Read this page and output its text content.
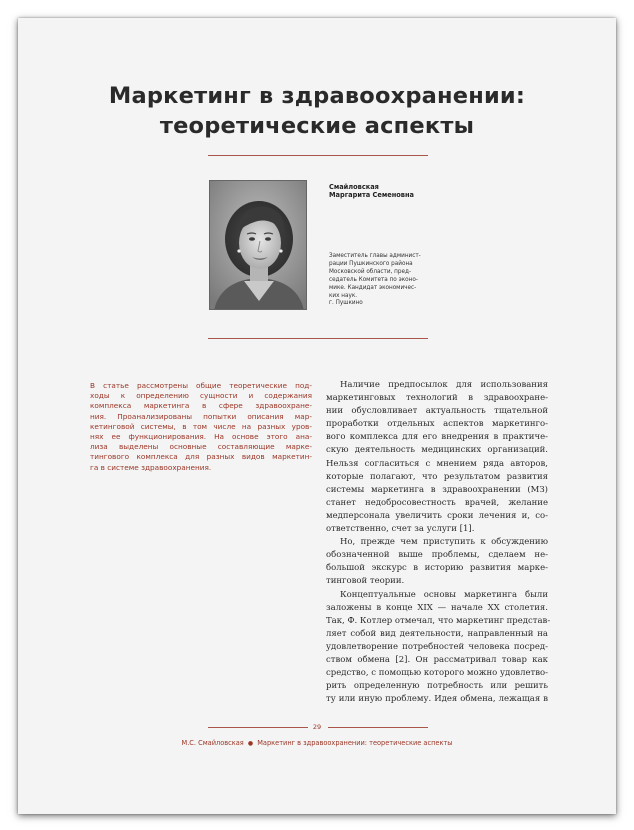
Маркетинг в здравоохранении:
теоретические аспекты
Смайловская
Маргарита Семеновна
Заместитель главы админист-
рации Пушкинского района
Московской области, пред-
седатель Комитета по эконо-
мике. Кандидат экономичес-
ких наук.
г. Пушкино
В статье рассмотрены общие теоретические под-
ходы к определению сущности и содержания
комплекса маркетинга в сфере здравоохране-
ния. Проанализированы попытки описания мар-
кетинговой системы, в том числе на разных уров-
нях ее функционирования. На основе этого ана-
лиза выделены основные составляющие марке-
тингового комплекса для разных видов маркетин-
га в системе здравоохранения.
Наличие предпосылок для использования
маркетинговых технологий в здравоохране-
нии обусловливает актуальность тщательной
проработки отдельных аспектов маркетинго-
вого комплекса для его внедрения в практиче-
скую деятельность медицинских организаций.
Нельзя согласиться с мнением ряда авторов,
которые полагают, что результатом развития
системы маркетинга в здравоохранении (МЗ)
станет недобросовестность врачей, желание
медперсонала увеличить сроки лечения и, со-
ответственно, счет за услуги [1].
Но, прежде чем приступить к обсуждению
обозначенной выше проблемы, сделаем не-
большой экскурс в историю развития марке-
тинговой теории.
Концептуальные основы маркетинга были
заложены в конце XIX — начале XX столетия.
Так, Ф. Котлер отмечал, что маркетинг представ-
ляет собой вид деятельности, направленный на
удовлетворение потребностей человека посред-
ством обмена [2]. Он рассматривал товар как
средство, с помощью которого можно удовлетво-
рить определенную потребность или решить
ту или иную проблему. Идея обмена, лежащая в
29
М.С. Смайловская ● Маркетинг в здравоохранении: теоретические аспекты
